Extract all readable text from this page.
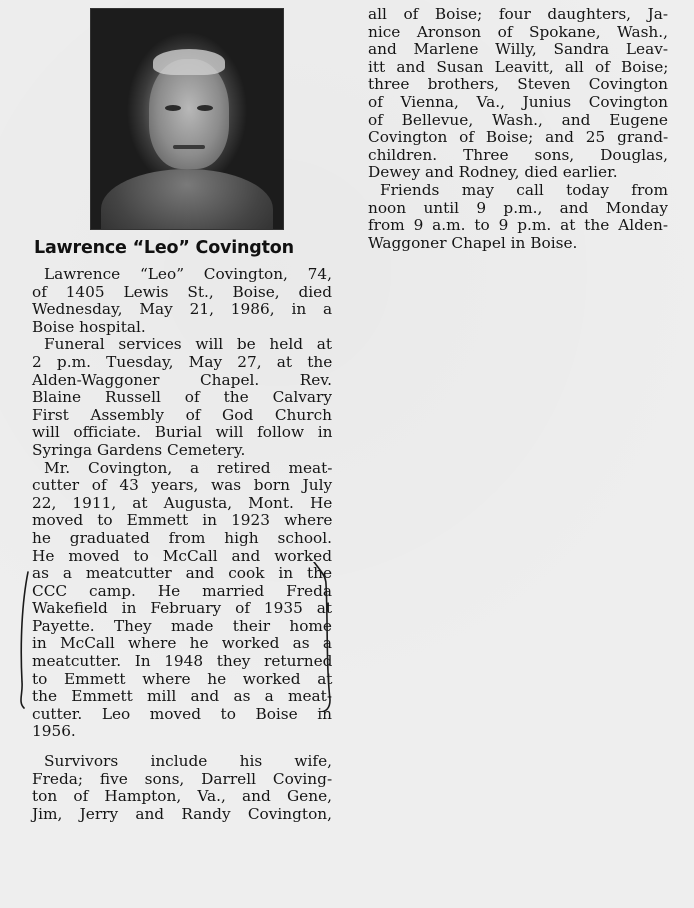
Lawrence “Leo” Covington
Lawrence “Leo” Covington, 74,
of 1405 Lewis St., Boise, died
Wednesday, May 21, 1986, in a
Boise hospital.
Funeral services will be held at
2 p.m. Tuesday, May 27, at the
Alden-Waggoner Chapel. Rev.
Blaine Russell of the Calvary
First Assembly of God Church
will officiate. Burial will follow in
Syringa Gardens Cemetery.
Mr. Covington, a retired meat-
cutter of 43 years, was born July
22, 1911, at Augusta, Mont. He
moved to Emmett in 1923 where
he graduated from high school.
He moved to McCall and worked
as a meatcutter and cook in the
CCC camp. He married Freda
Wakefield in February of 1935 at
Payette. They made their home
in McCall where he worked as a
meatcutter. In 1948 they returned
to Emmett where he worked at
the Emmett mill and as a meat-
cutter. Leo moved to Boise in
1956.
Survivors include his wife,
Freda; five sons, Darrell Coving-
ton of Hampton, Va., and Gene,
Jim, Jerry and Randy Covington,
all of Boise; four daughters, Ja-
nice Aronson of Spokane, Wash.,
and Marlene Willy, Sandra Leav-
itt and Susan Leavitt, all of Boise;
three brothers, Steven Covington
of Vienna, Va., Junius Covington
of Bellevue, Wash., and Eugene
Covington of Boise; and 25 grand-
children. Three sons, Douglas,
Dewey and Rodney, died earlier.
Friends may call today from
noon until 9 p.m., and Monday
from 9 a.m. to 9 p.m. at the Alden-
Waggoner Chapel in Boise.
